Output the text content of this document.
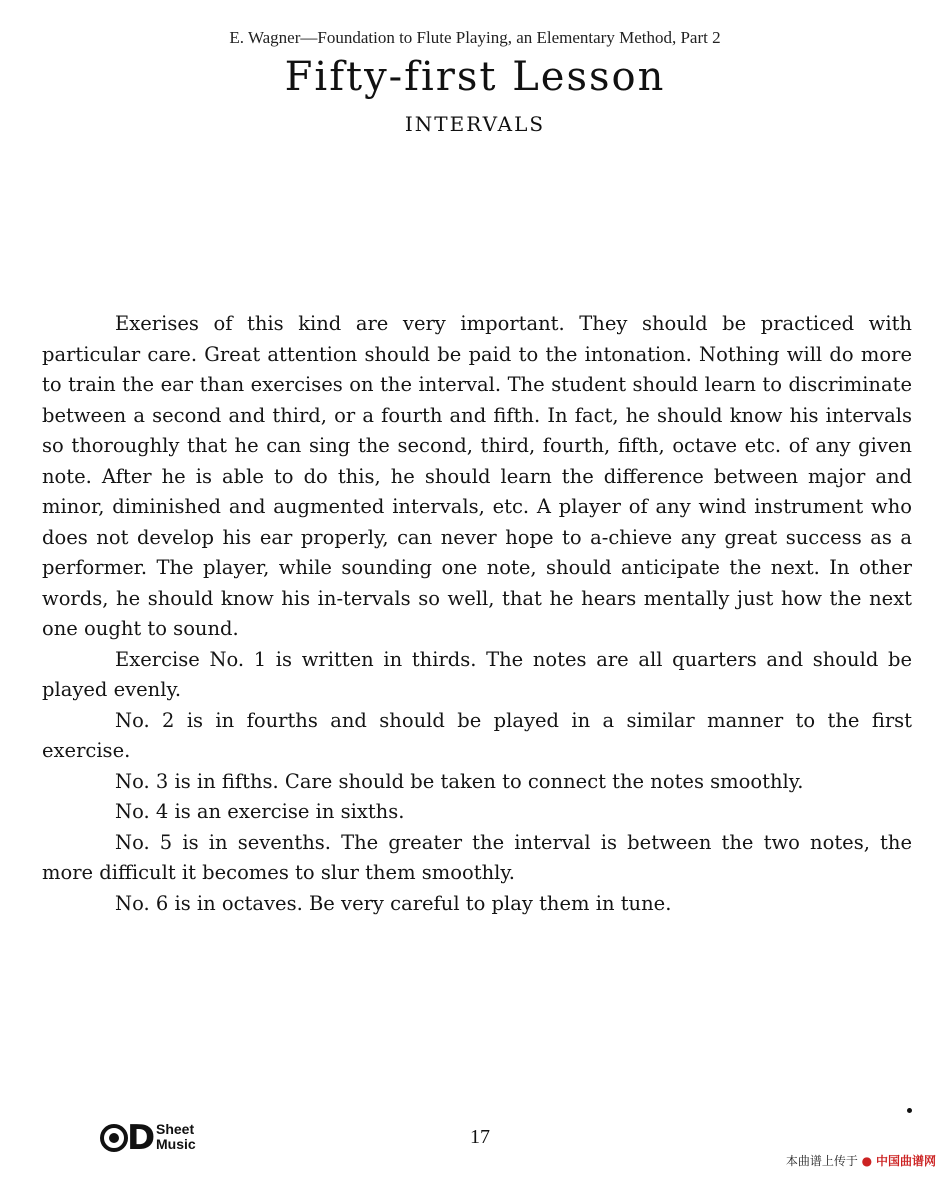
E. Wagner—Foundation to Flute Playing, an Elementary Method, Part 2
Fifty-first Lesson
INTERVALS

Exerises of this kind are very important. They should be practiced with particular care. Great attention should be paid to the intonation. Nothing will do more to train the ear than exercises on the interval. The student should learn to discriminate between a second and third, or a fourth and fifth. In fact, he should know his intervals so thoroughly that he can sing the second, third, fourth, fifth, octave etc. of any given note. After he is able to do this, he should learn the difference between major and minor, diminished and augmented intervals, etc. A player of any wind instrument who does not develop his ear properly, can never hope to a-chieve any great success as a performer. The player, while sounding one note, should anticipate the next. In other words, he should know his in-tervals so well, that he hears mentally just how the next one ought to sound.

Exercise No. 1 is written in thirds. The notes are all quarters and should be played evenly.

No. 2 is in fourths and should be played in a similar manner to the first exercise.

No. 3 is in fifths. Care should be taken to connect the notes smoothly.

No. 4 is an exercise in sixths.

No. 5 is in sevenths. The greater the interval is between the two notes, the more difficult it becomes to slur them smoothly.

No. 6 is in octaves. Be very careful to play them in tune.

D Sheet
Music	17
本曲谱上传于 ● 中国曲谱网
